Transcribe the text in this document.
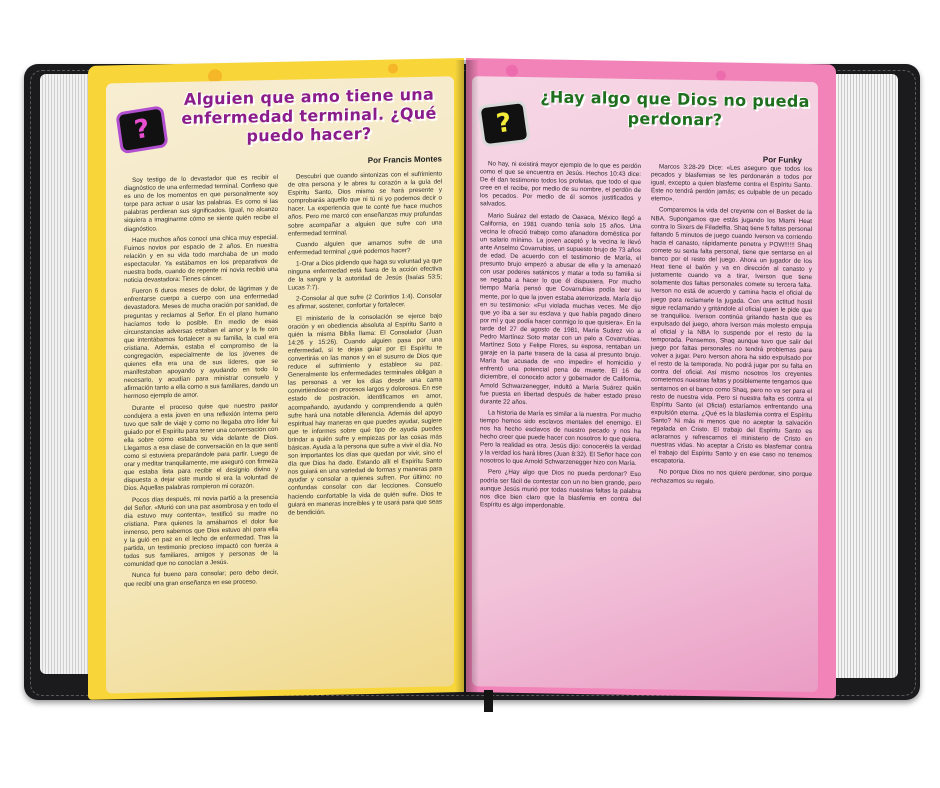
?
Alguien que amo tiene una enfermedad terminal. ¿Qué puedo hacer?
Por Francis Montes

Soy testigo de lo devastador que es recibir el diagnóstico de una enfermedad terminal. Confieso que es uno de los momentos en que personalmente soy torpe para actuar o usar las palabras. Es como si las palabras perdieran sus significados. Igual, no alcanzo siquiera a imaginarme cómo se siente quién recibe el diagnóstico.

Hace muchos años conocí una chica muy especial. Fuimos novios por espacio de 2 años. En nuestra relación y en su vida todo marchaba de un modo espectacular. Ya estábamos en los preparativos de nuestra boda, cuando de repente mi novia recibió una noticia devastadora: Tienes cáncer.

Fueron 6 duros meses de dolor, de lágrimas y de enfrentarse cuerpo a cuerpo con una enfermedad devastadora. Meses de mucha oración por sanidad, de preguntas y reclamos al Señor. En el plano humano hacíamos todo lo posible. En medio de esas circunstancias adversas estaban el amor y la fe con que intentábamos fortalecer a su familia, la cual era cristiana. Además, estaba el compromiso de la congregación, especialmente de los jóvenes de quienes ella era una de sus líderes, que se manifestaban apoyando y ayudando en todo lo necesario, y acudían para ministrar consuelo y afirmación tanto a ella como a sus familiares, dando un hermoso ejemplo de amor.

Durante el proceso quise que nuestro pastor condujera a esta joven en una reflexión interna pero tuvo que salir de viaje y como no llegaba otro líder fui guiado por el Espíritu para tener una conversación con ella sobre cómo estaba su vida delante de Dios. Llegamos a esa clase de conversación en la que sentí como si estuviera preparándole para partir. Luego de orar y meditar tranquilamente, me aseguró con firmeza que estaba lista para recibir el designio divino y dispuesta a dejar este mundo si era la voluntad de Dios. Aquellas palabras rompieron mi corazón.

Pocos días después, mi novia partió a la presencia del Señor. «Murió con una paz asombrosa y en todo el día estuvo muy contenta», testificó su madre no cristiana. Para quienes la amábamos el dolor fue inmenso, pero sabemos que Dios estuvo ahí para ella y la guió en paz en el lecho de enfermedad. Tras la partida, un testimonio precioso impactó con fuerza a todos sus familiares, amigos y personas de la comunidad que no conocían a Jesús.

Nunca fui bueno para consolar; pero debo decir, que recibí una gran enseñanza en ese proceso.

Descubrí que cuando sintonizas con el sufrimiento de otra persona y le abres tu corazón a la guía del Espíritu Santo, Dios mismo se hará presente y comprobarás aquello que ni tú ni yo podemos decir o hacer. La experiencia que te conté fue hace muchos años. Pero me marcó con enseñanzas muy profundas sobre acompañar a alguien que sufre con una enfermedad terminal.

Cuando alguien que amamos sufre de una enfermedad terminal ¿qué podemos hacer?

1-Orar a Dios pidiendo que haga su voluntad ya que ninguna enfermedad está fuera de la acción efectiva de la sangre y la autoridad de Jesús (Isaías 53:5; Lucas 7:7).

2-Consolar al que sufre (2 Corintios 1:4). Consolar es afirmar, sostener, confortar y fortalecer.

El ministerio de la consolación se ejerce bajo oración y en obediencia absoluta al Espíritu Santo a quién la misma Biblia llama: El Consolador (Juan 14:26 y 15:26). Cuando alguien pasa por una enfermedad, si te dejas guiar por El Espíritu te convertirás en las manos y en el susurro de Dios que reduce el sufrimiento y establece su paz. Generalmente los enfermedades terminales obligan a las personas a ver los días desde una cama convirtiéndose en procesos largos y dolorosos. En ese estado de postración, identificamos en amor, acompañando, ayudando y comprendiendo a quién sufre hará una notable diferencia. Además del apoyo espiritual hay maneras en que puedes ayudar, sugiere que te informes sobre qué tipo de ayuda puedes brindar a quién sufre y empiezas por las cosas más básicas. Ayuda a la persona que sufre a vivir el día. No son importantes los días que quedan por vivir, sino el día que Dios ha dado. Estando allí el Espíritu Santo nos guiará en una variedad de formas y maneras para ayudar y consolar a quienes sufren. Por último: no confundas consolar con dar lecciones. Consuelo haciendo confortable la vida de quién sufre. Dios te guiará en maneras increíbles y te usará para que seas de bendición.

?
¿Hay algo que Dios no pueda perdonar?
Por Funky

No hay, ni existirá mayor ejemplo de lo que es perdón como el que se encuentra en Jesús. Hechos 10:43 dice: De él dan testimonio todos los profetas, que todo el que cree en el recibe, por medio de su nombre, el perdón de los pecados. Por medio de él somos justificados y salvados.

Mario Suárez del estado de Oaxaca, México llegó a California, en 1981 cuando tenía solo 15 años. Una vecina le ofreció trabajo como afanadora doméstica por un salario mínimo. La joven aceptó y la vecina le llevó ante Anselmo Covarrubias, un supuesto brujo de 73 años de edad. De acuerdo con el testimonio de María, el presunto brujo empezó a abusar de ella y la amenazó con usar poderes satánicos y matar a toda su familia si se negaba a hacer lo que él dispusiera. Por mucho tiempo María pensó que Covarrubias podía leer su mente, por lo que la joven estaba aterrorizada. María dijo en su testimonio: «Fui violada muchas veces. Me dijo que yo iba a ser su esclava y que había pagado dinero por mí y que podía hacer conmigo lo que quisiera». En la tarde del 27 de agosto de 1981, María Suárez vio a Pedro Martínez Soto matar con un palo a Covarrubias. Martínez Soto y Felipe Flores, su esposa, rentaban un garaje en la parte trasera de la casa al presunto brujo. María fue acusada de «no impedir» el homicidio y enfrentó una potencial pena de muerte. El 16 de diciembre, el conocido actor y gobernador de California, Arnold Schwarzenegger, indultó a María Suárez quién fue puesta en libertad después de haber estado preso durante 22 años.

La historia de María es similar a la nuestra. Por mucho tiempo hemos sido esclavos mentales del enemigo. El nos ha hecho esclavos de nuestro pecado y nos ha hecho creer que puede hacer con nosotros lo que quiera. Pero la realidad es otra. Jesús dijo: conoceréis la verdad y la verdad los hará libres (Juan 8:32). El Señor hace con nosotros lo que Arnold Schwarzenegger hizo con María.

Pero ¿Hay algo que Dios no pueda perdonar? Eso podría ser fácil de contestar con un no bien grande, pero aunque Jesús murió por todas nuestras faltas la palabra nos dice bien claro que la blasfemia en contra del Espíritu es algo imperdonable.

Marcos 3:28-29 Dice: «Les aseguro que todos los pecados y blasfemias se les perdonarán a todos por igual, excepto a quien blasfeme contra el Espíritu Santo. Éste no tendrá perdón jamás; es culpable de un pecado eterno».

Comparemos la vida del creyente con el Basket de la NBA. Supongamos que estás jugando los Miami Heat contra lo Sixers de Filadelfia. Shaq tiene 5 faltas personal faltando 5 minutos de juego cuando Iverson va corriendo hacia el canasto, rápidamente penetra y POW!!!!!! Shaq comete su sexta falta personal, tiene que sentarse en el banco por el resto del juego. Ahora un jugador de los Heat tiene el balón y va en dirección al canasto y justamente cuando va a tirar, Iverson que tiene solamente dos faltas personales comete su tercera falta. Iverson no está de acuerdo y camina hacia el oficial de juego para reclamarle la jugada. Con una actitud hostil sigue reclamando y gritándole al oficial quien le pide que se tranquilice. Iverson continúa gritando hasta que es expulsado del juego, ahora Iverson más molesto empuja al oficial y la NBA lo suspende por el resto de la temporada. Pensemos, Shaq aunque tuvo que salir del juego por faltas personales no tendrá problemas para volver a jugar. Pero Iverson ahora ha sido expulsado por el resto de la temporada. No podrá jugar por su falta en contra del oficial. Así mismo nosotros los creyentes cometemos nuestras faltas y posiblemente tengamos que sentarnos en el banco como Shaq, pero no va ser para el resto de nuestra vida. Pero si nuestra falta es contra el Espíritu Santo (el Oficial) estaríamos enfrentando una expulsión eterna. ¿Qué es la blasfemia contra el Espíritu Santo? Ni más ni menos que no aceptar la salvación regalada en Cristo. El trabajo del Espíritu Santo es aclararnos y refrescarnos el ministerio de Cristo en nuestras vidas. No aceptar a Cristo es blasfemar contra el trabajo del Espíritu Santo y en ese caso no tenemos escapatoria.

No porque Dios no nos quiere perdonar, sino porque rechazamos su regalo.
